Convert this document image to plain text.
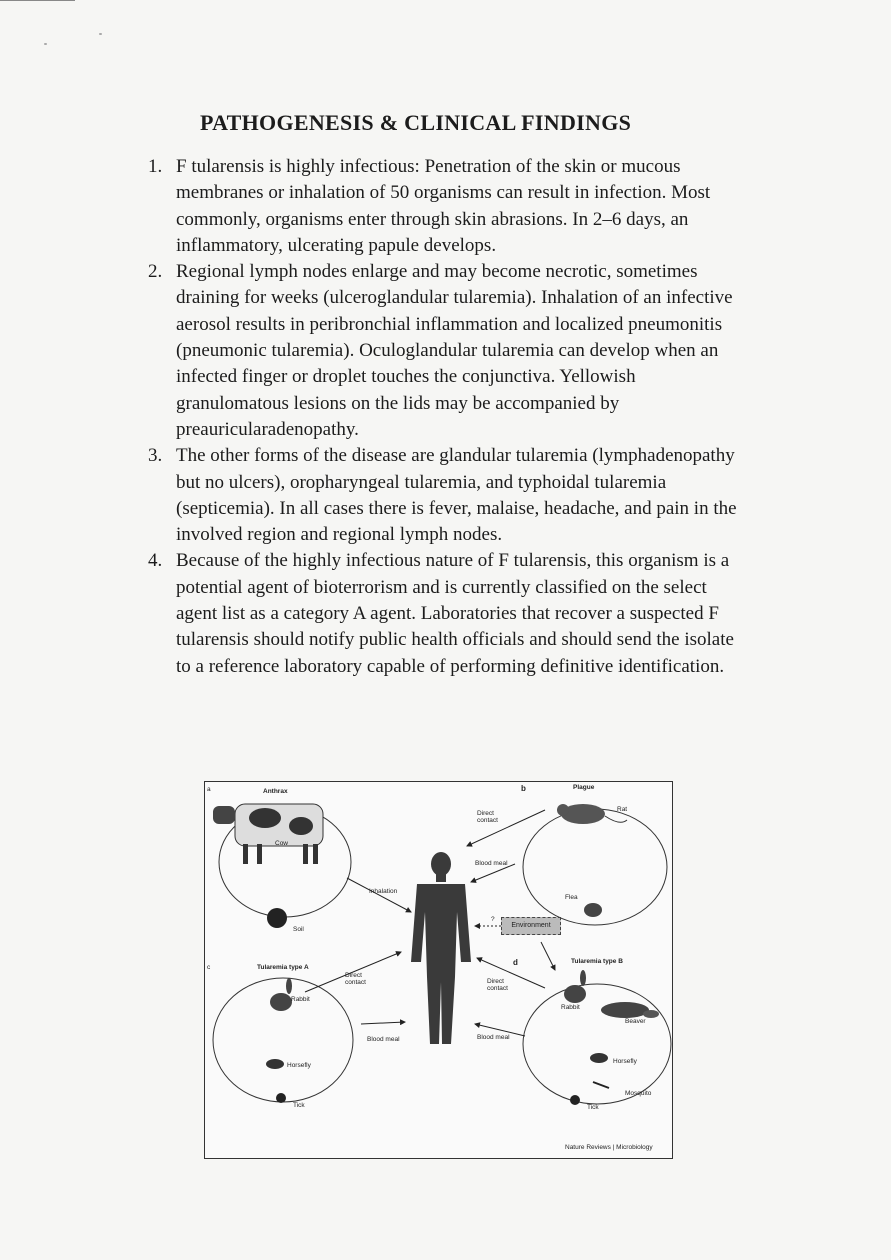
PATHOGENESIS & CLINICAL FINDINGS
1. F tularensis is highly infectious: Penetration of the skin or mucous membranes or inhalation of 50 organisms can result in infection. Most commonly, organisms enter through skin abrasions. In 2–6 days, an inflammatory, ulcerating papule develops.
2. Regional lymph nodes enlarge and may become necrotic, sometimes draining for weeks (ulceroglandular tularemia). Inhalation of an infective aerosol results in peribronchial inflammation and localized pneumonitis (pneumonic tularemia). Oculoglandular tularemia can develop when an infected finger or droplet touches the conjunctiva. Yellowish granulomatous lesions on the lids may be accompanied by preauricularadenopathy.
3. The other forms of the disease are glandular tularemia (lymphadenopathy but no ulcers), oropharyngeal tularemia, and typhoidal tularemia (septicemia). In all cases there is fever, malaise, headache, and pain in the involved region and regional lymph nodes.
4. Because of the highly infectious nature of F tularensis, this organism is a potential agent of bioterrorism and is currently classified on the select agent list as a category A agent. Laboratories that recover a suspected F tularensis should notify public health officials and should send the isolate to a reference laboratory capable of performing definitive identification.
a	b
c
d
Anthrax
Cow
Soil
Inhalation
Plague
Rat
Flea
Direct
contact
Blood meal
Environment
?
Tularemia type A
Rabbit
Horsefly
Tick
Direct
contact
Blood meal
Tularemia type B
Direct
contact
Blood meal
Rabbit
Beaver
Horsefly
Mosquito
Tick
Nature Reviews | Microbiology
